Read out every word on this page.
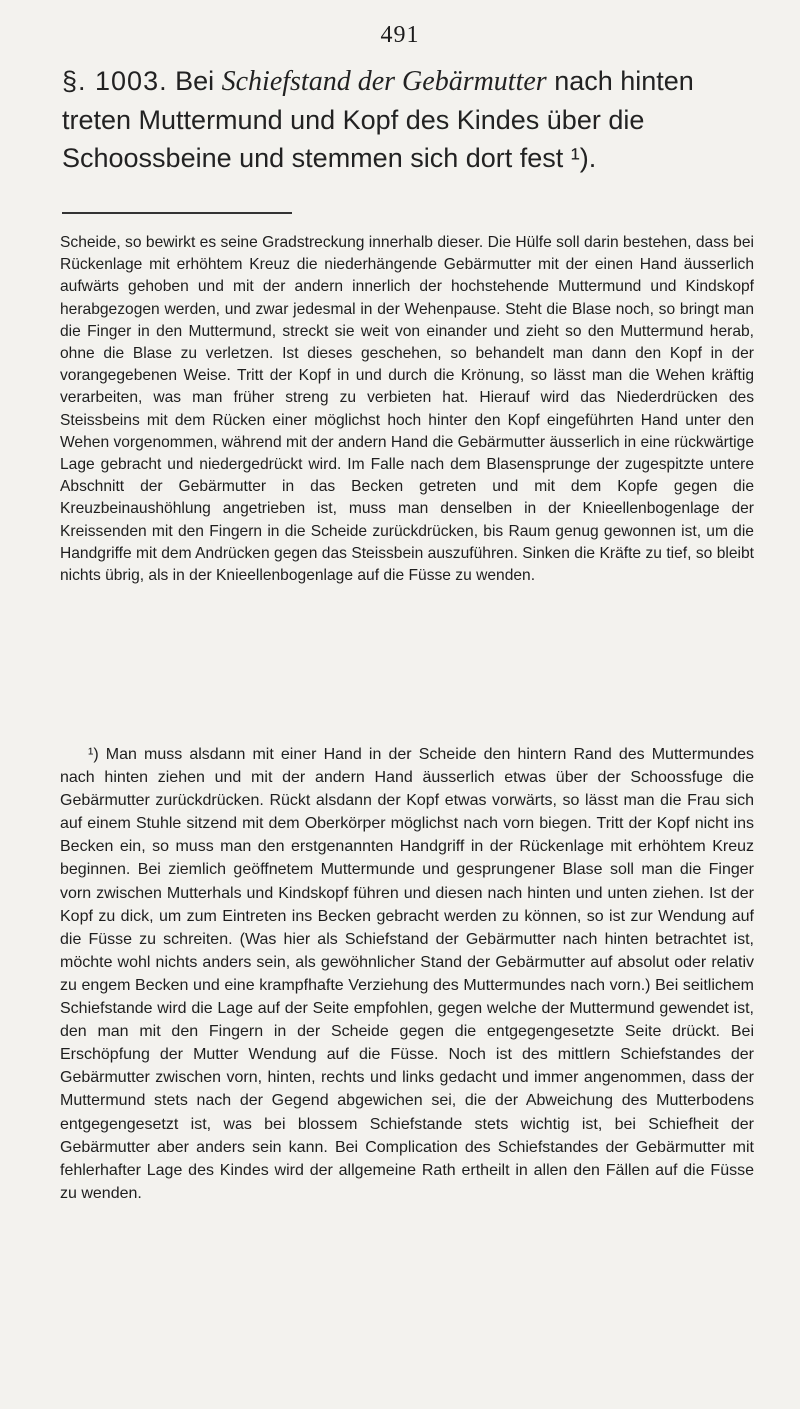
491
§. 1003. Bei Schiefstand der Gebärmutter nach hinten treten Muttermund und Kopf des Kindes über die Schoossbeine und stemmen sich dort fest ¹).
Scheide, so bewirkt es seine Gradstreckung innerhalb dieser. Die Hülfe soll darin bestehen, dass bei Rückenlage mit erhöhtem Kreuz die niederhängende Gebärmutter mit der einen Hand äusserlich aufwärts gehoben und mit der andern innerlich der hochstehende Muttermund und Kindskopf herabgezogen werden, und zwar jedesmal in der Wehenpause. Steht die Blase noch, so bringt man die Finger in den Muttermund, streckt sie weit von einander und zieht so den Muttermund herab, ohne die Blase zu verletzen. Ist dieses geschehen, so behandelt man dann den Kopf in der vorangegebenen Weise. Tritt der Kopf in und durch die Krönung, so lässt man die Wehen kräftig verarbeiten, was man früher streng zu verbieten hat. Hierauf wird das Niederdrücken des Steissbeins mit dem Rücken einer möglichst hoch hinter den Kopf eingeführten Hand unter den Wehen vorgenommen, während mit der andern Hand die Gebärmutter äusserlich in eine rückwärtige Lage gebracht und niedergedrückt wird. Im Falle nach dem Blasensprunge der zugespitzte untere Abschnitt der Gebärmutter in das Becken getreten und mit dem Kopfe gegen die Kreuzbeinaushöhlung angetrieben ist, muss man denselben in der Knieellenbogenlage der Kreissenden mit den Fingern in die Scheide zurückdrücken, bis Raum genug gewonnen ist, um die Handgriffe mit dem Andrücken gegen das Steissbein auszuführen. Sinken die Kräfte zu tief, so bleibt nichts übrig, als in der Knieellenbogenlage auf die Füsse zu wenden.
¹) Man muss alsdann mit einer Hand in der Scheide den hintern Rand des Muttermundes nach hinten ziehen und mit der andern Hand äusserlich etwas über der Schoossfuge die Gebärmutter zurückdrücken. Rückt alsdann der Kopf etwas vorwärts, so lässt man die Frau sich auf einem Stuhle sitzend mit dem Oberkörper möglichst nach vorn biegen. Tritt der Kopf nicht ins Becken ein, so muss man den erstgenannten Handgriff in der Rückenlage mit erhöhtem Kreuz beginnen. Bei ziemlich geöffnetem Muttermunde und gesprungener Blase soll man die Finger vorn zwischen Mutterhals und Kindskopf führen und diesen nach hinten und unten ziehen. Ist der Kopf zu dick, um zum Eintreten ins Becken gebracht werden zu können, so ist zur Wendung auf die Füsse zu schreiten. (Was hier als Schiefstand der Gebärmutter nach hinten betrachtet ist, möchte wohl nichts anders sein, als gewöhnlicher Stand der Gebärmutter auf absolut oder relativ zu engem Becken und eine krampfhafte Verziehung des Muttermundes nach vorn.) Bei seitlichem Schiefstande wird die Lage auf der Seite empfohlen, gegen welche der Muttermund gewendet ist, den man mit den Fingern in der Scheide gegen die entgegengesetzte Seite drückt. Bei Erschöpfung der Mutter Wendung auf die Füsse. Noch ist des mittlern Schiefstandes der Gebärmutter zwischen vorn, hinten, rechts und links gedacht und immer angenommen, dass der Muttermund stets nach der Gegend abgewichen sei, die der Abweichung des Mutterbodens entgegengesetzt ist, was bei blossem Schiefstande stets wichtig ist, bei Schiefheit der Gebärmutter aber anders sein kann. Bei Complication des Schiefstandes der Gebärmutter mit fehlerhafter Lage des Kindes wird der allgemeine Rath ertheilt in allen den Fällen auf die Füsse zu wenden.
